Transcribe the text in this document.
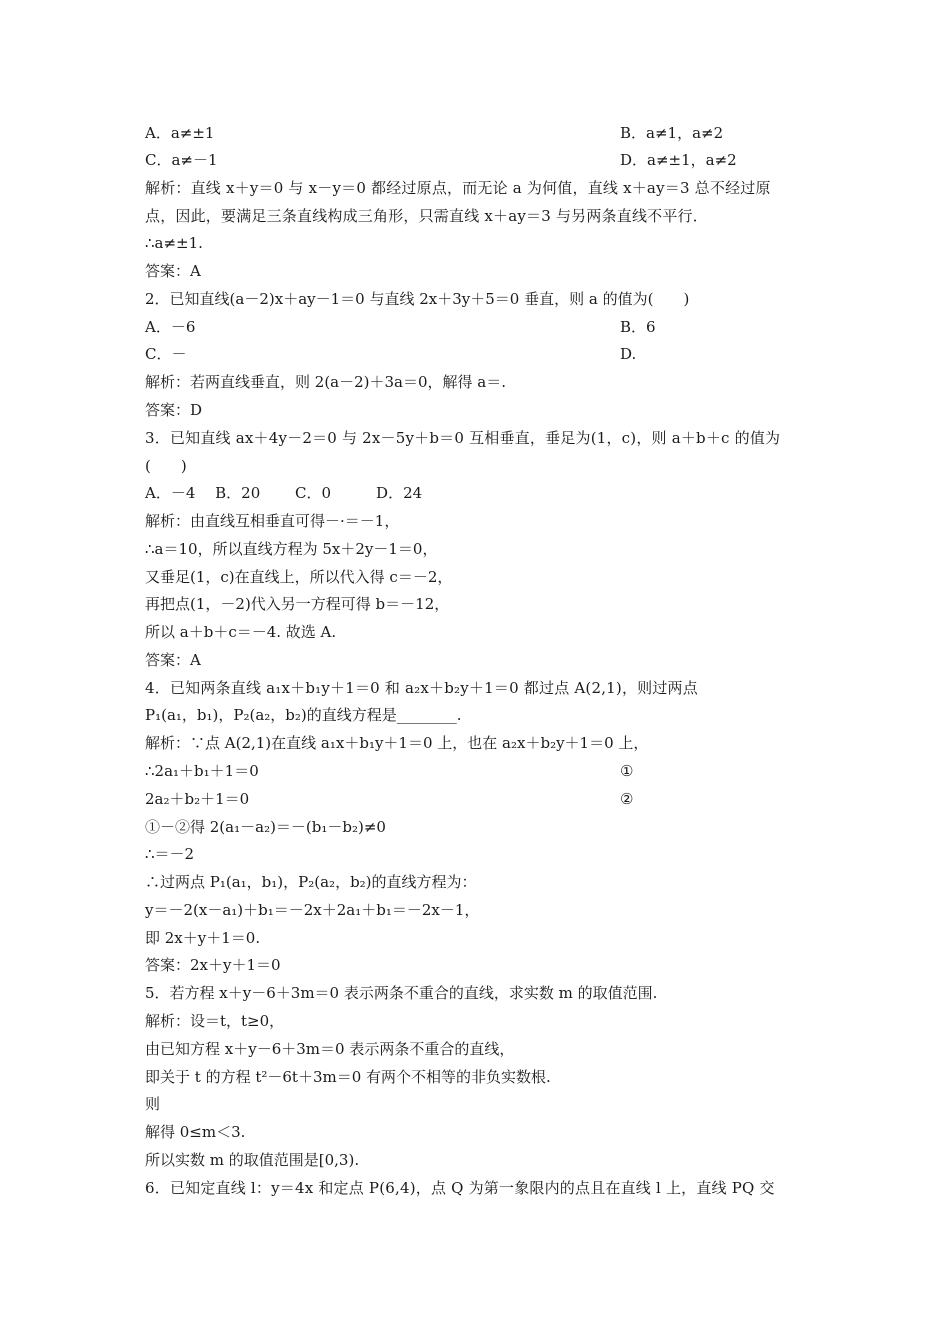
A．a≠±1	B．a≠1，a≠2
C．a≠－1	D．a≠±1，a≠2
解析：直线 x＋y＝0 与 x－y＝0 都经过原点，而无论 a 为何值，直线 x＋ay＝3 总不经过原
点，因此，要满足三条直线构成三角形，只需直线 x＋ay＝3 与另两条直线不平行．
∴a≠±1.
答案：A
2．已知直线(a－2)x＋ay－1＝0 与直线 2x＋3y＋5＝0 垂直，则 a 的值为(　　)
A．－6	B．6
C．－	D.
解析：若两直线垂直，则 2(a－2)＋3a＝0，解得 a＝.
答案：D
3．已知直线 ax＋4y－2＝0 与 2x－5y＋b＝0 互相垂直，垂足为(1，c)，则 a＋b＋c 的值为
(　　)
A．－4　 B．20　　 C．0　　　D．24
解析：由直线互相垂直可得－·＝－1，
∴a＝10，所以直线方程为 5x＋2y－1＝0，
又垂足(1，c)在直线上，所以代入得 c＝－2，
再把点(1，－2)代入另一方程可得 b＝－12，
所以 a＋b＋c＝－4. 故选 A.
答案：A
4．已知两条直线 a₁x＋b₁y＋1＝0 和 a₂x＋b₂y＋1＝0 都过点 A(2,1)，则过两点
P₁(a₁，b₁)，P₂(a₂，b₂)的直线方程是________.
解析：∵点 A(2,1)在直线 a₁x＋b₁y＋1＝0 上，也在 a₂x＋b₂y＋1＝0 上，
∴2a₁＋b₁＋1＝0	①
2a₂＋b₂＋1＝0	②
①－②得 2(a₁－a₂)＝－(b₁－b₂)≠0
∴＝－2
∴过两点 P₁(a₁，b₁)，P₂(a₂，b₂)的直线方程为：
y＝－2(x－a₁)＋b₁＝－2x＋2a₁＋b₁＝－2x－1，
即 2x＋y＋1＝0.
答案：2x＋y＋1＝0
5．若方程 x＋y－6＋3m＝0 表示两条不重合的直线，求实数 m 的取值范围.
解析：设＝t，t≥0，
由已知方程 x＋y－6＋3m＝0 表示两条不重合的直线，
即关于 t 的方程 t²－6t＋3m＝0 有两个不相等的非负实数根.
则
解得 0≤m＜3.
所以实数 m 的取值范围是[0,3).
6．已知定直线 l：y＝4x 和定点 P(6,4)，点 Q 为第一象限内的点且在直线 l 上，直线 PQ 交
